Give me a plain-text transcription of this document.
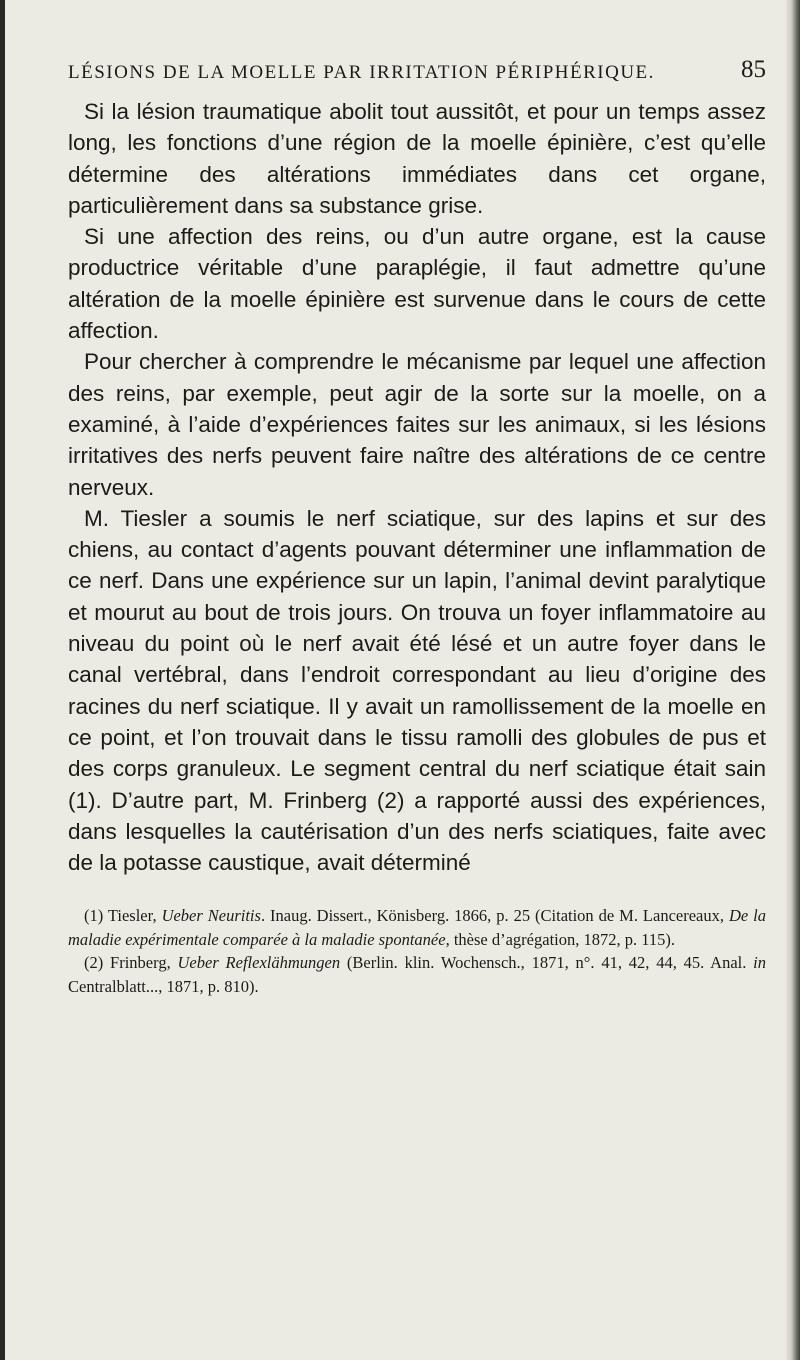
LÉSIONS DE LA MOELLE PAR IRRITATION PÉRIPHÉRIQUE.	85

Si la lésion traumatique abolit tout aussitôt, et pour un temps assez long, les fonctions d’une région de la moelle épinière, c’est qu’elle détermine des altérations immédiates dans cet organe, particulièrement dans sa substance grise.

Si une affection des reins, ou d’un autre organe, est la cause productrice véritable d’une paraplégie, il faut admettre qu’une altération de la moelle épinière est survenue dans le cours de cette affection.

Pour chercher à comprendre le mécanisme par lequel une affection des reins, par exemple, peut agir de la sorte sur la moelle, on a examiné, à l’aide d’expériences faites sur les animaux, si les lésions irritatives des nerfs peuvent faire naître des altérations de ce centre nerveux.

M. Tiesler a soumis le nerf sciatique, sur des lapins et sur des chiens, au contact d’agents pouvant déterminer une inflammation de ce nerf. Dans une expérience sur un lapin, l’animal devint paralytique et mourut au bout de trois jours. On trouva un foyer inflammatoire au niveau du point où le nerf avait été lésé et un autre foyer dans le canal vertébral, dans l’endroit correspondant au lieu d’origine des racines du nerf sciatique. Il y avait un ramollissement de la moelle en ce point, et l’on trouvait dans le tissu ramolli des globules de pus et des corps granuleux. Le segment central du nerf sciatique était sain (1). D’autre part, M. Frinberg (2) a rapporté aussi des expériences, dans lesquelles la cautérisation d’un des nerfs sciatiques, faite avec de la potasse caustique, avait déterminé

(1) Tiesler, Ueber Neuritis. Inaug. Dissert., Könisberg. 1866, p. 25 (Citation de M. Lancereaux, De la maladie expérimentale comparée à la maladie spontanée, thèse d’agrégation, 1872, p. 115).

(2) Frinberg, Ueber Reflexlähmungen (Berlin. klin. Wochensch., 1871, n°. 41, 42, 44, 45. Anal. in Centralblatt..., 1871, p. 810).
